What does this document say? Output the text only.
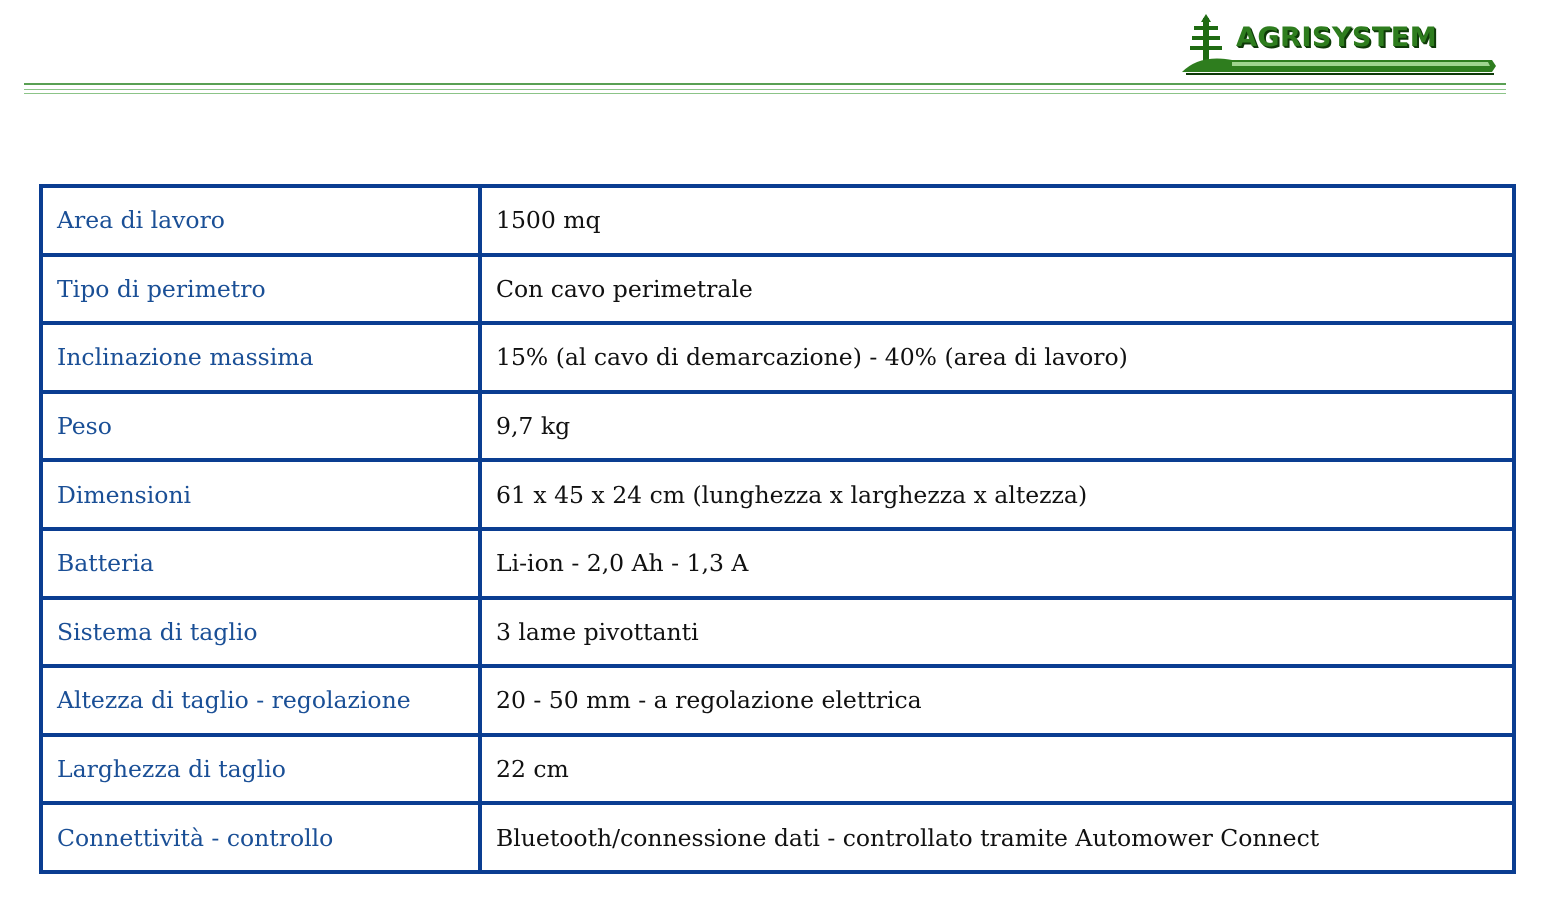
AGRISYSTEM
Area di lavoro	1500 mq
Tipo di perimetro	Con cavo perimetrale
Inclinazione massima	15% (al cavo di demarcazione) - 40% (area di lavoro)
Peso	9,7 kg
Dimensioni	61 x 45 x 24 cm (lunghezza x larghezza x altezza)
Batteria	Li-ion - 2,0 Ah - 1,3 A
Sistema di taglio	3 lame pivottanti
Altezza di taglio - regolazione	20 - 50 mm - a regolazione elettrica
Larghezza di taglio	22 cm
Connettività - controllo	Bluetooth/connessione dati - controllato tramite Automower Connect
